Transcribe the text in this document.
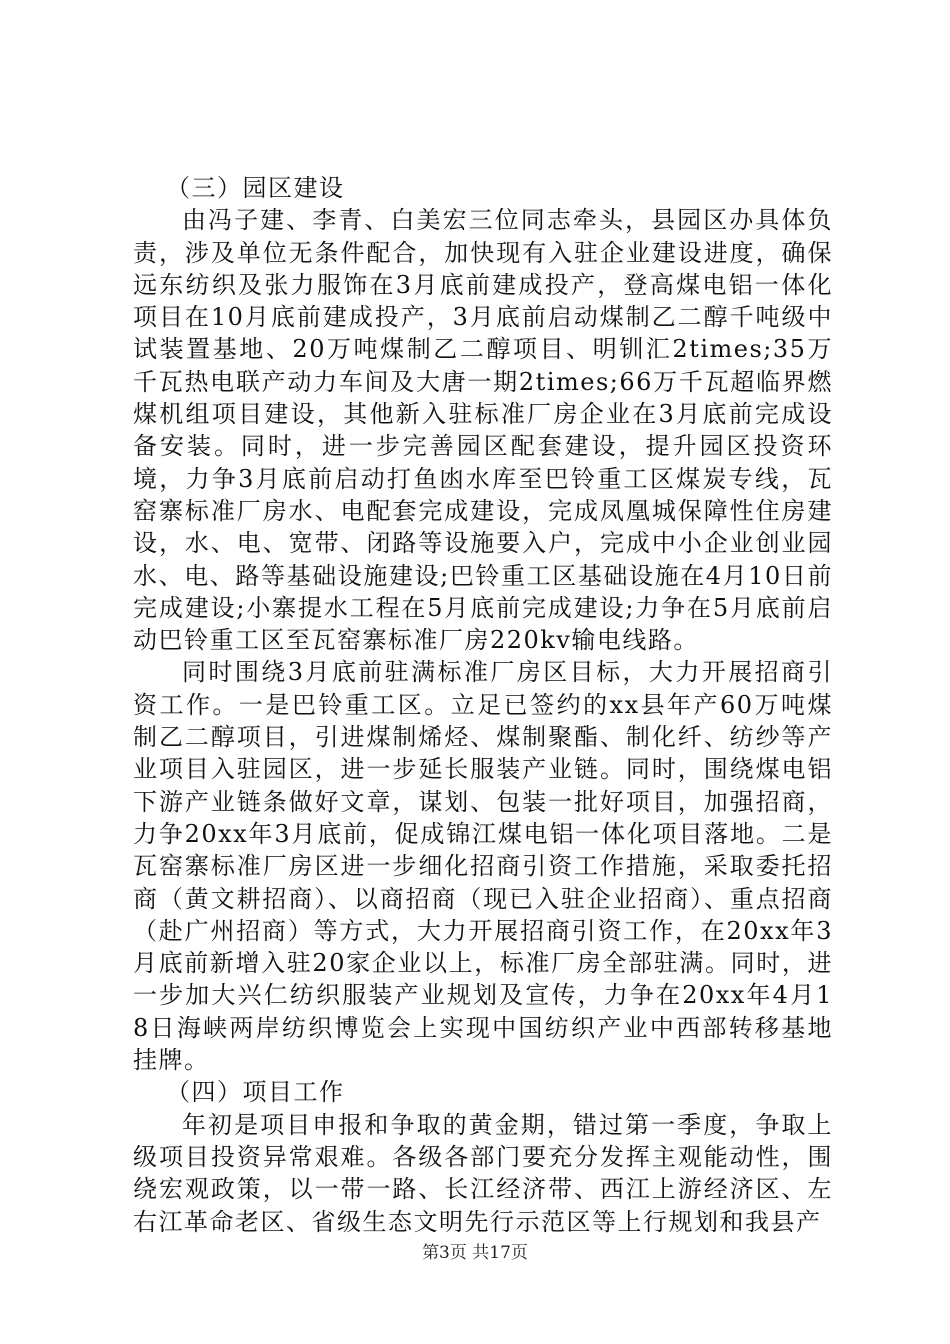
（三）园区建设

由冯子建、李青、白美宏三位同志牵头，县园区办具体负责，涉及单位无条件配合，加快现有入驻企业建设进度，确保远东纺织及张力服饰在3月底前建成投产，登高煤电铝一体化项目在10月底前建成投产，3月底前启动煤制乙二醇千吨级中试装置基地、20万吨煤制乙二醇项目、明钏汇2times;35万千瓦热电联产动力车间及大唐一期2times;66万千瓦超临界燃煤机组项目建设，其他新入驻标准厂房企业在3月底前完成设备安装。同时，进一步完善园区配套建设，提升园区投资环境，力争3月底前启动打鱼凼水库至巴铃重工区煤炭专线，瓦窑寨标准厂房水、电配套完成建设，完成凤凰城保障性住房建设，水、电、宽带、闭路等设施要入户，完成中小企业创业园水、电、路等基础设施建设;巴铃重工区基础设施在4月10日前完成建设;小寨提水工程在5月底前完成建设;力争在5月底前启动巴铃重工区至瓦窑寨标准厂房220kv输电线路。

同时围绕3月底前驻满标准厂房区目标，大力开展招商引资工作。一是巴铃重工区。立足已签约的xx县年产60万吨煤制乙二醇项目，引进煤制烯烃、煤制聚酯、制化纤、纺纱等产业项目入驻园区，进一步延长服装产业链。同时，围绕煤电铝下游产业链条做好文章，谋划、包装一批好项目，加强招商，力争20xx年3月底前，促成锦江煤电铝一体化项目落地。二是瓦窑寨标准厂房区进一步细化招商引资工作措施，采取委托招商（黄文耕招商）、以商招商（现已入驻企业招商）、重点招商（赴广州招商）等方式，大力开展招商引资工作，在20xx年3月底前新增入驻20家企业以上，标准厂房全部驻满。同时，进一步加大兴仁纺织服装产业规划及宣传，力争在20xx年4月18日海峡两岸纺织博览会上实现中国纺织产业中西部转移基地挂牌。

（四）项目工作

年初是项目申报和争取的黄金期，错过第一季度，争取上级项目投资异常艰难。各级各部门要充分发挥主观能动性，围绕宏观政策，以一带一路、长江经济带、西江上游经济区、左右江革命老区、省级生态文明先行示范区等上行规划和我县产

第3页 共17页
